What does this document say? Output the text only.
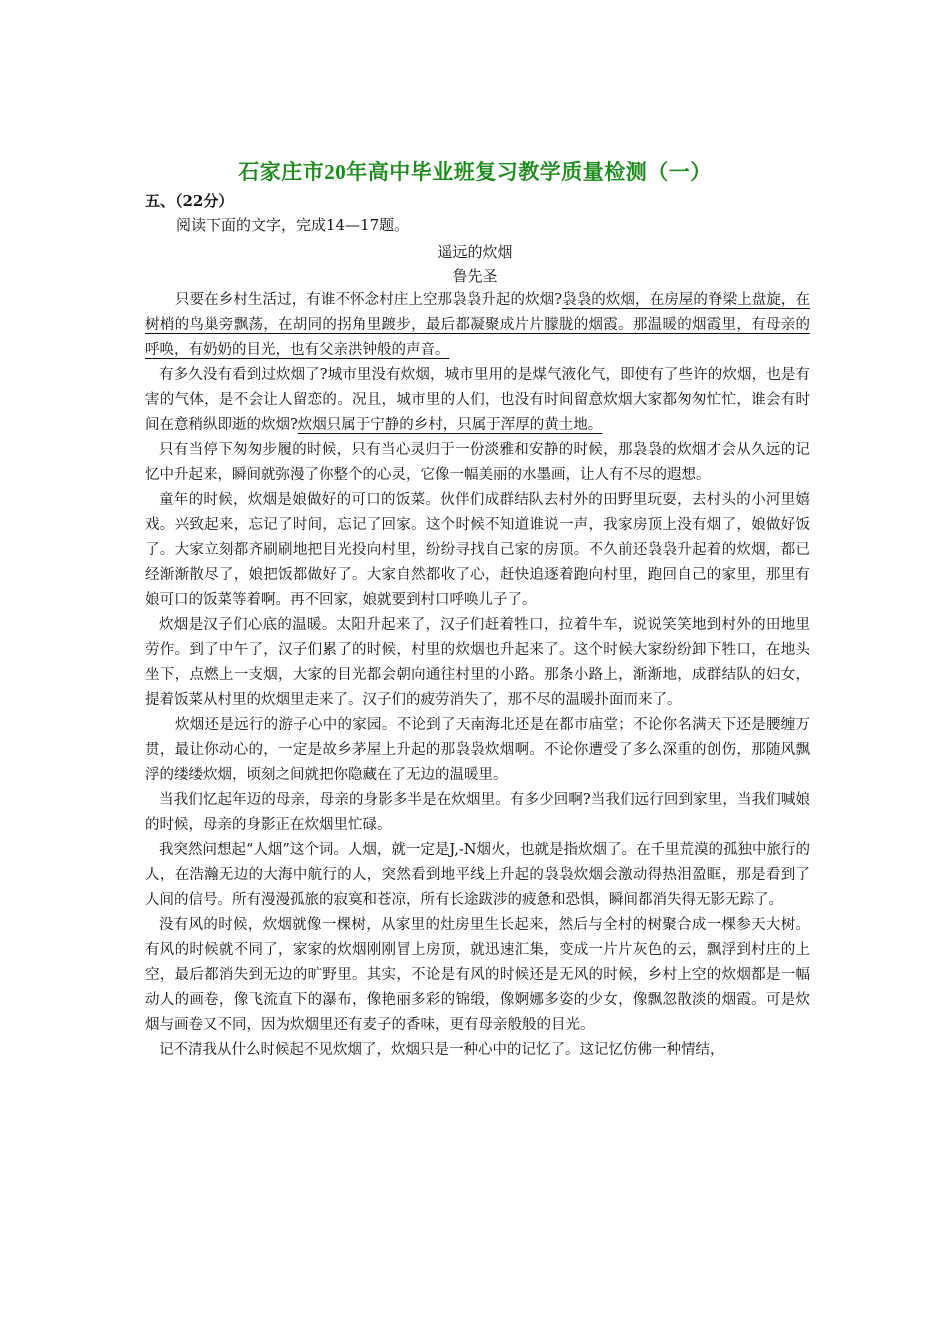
石家庄市20年高中毕业班复习教学质量检测（一）
五、（22分）
阅读下面的文字，完成14—17题。
遥远的炊烟
鲁先圣

只要在乡村生活过，有谁不怀念村庄上空那袅袅升起的炊烟?袅袅的炊烟，在房屋的脊梁上盘旋，在树梢的鸟巢旁飘荡，在胡同的拐角里踱步，最后都凝聚成片片朦胧的烟霞。那温暖的烟霞里，有母亲的呼唤，有奶奶的目光，也有父亲洪钟般的声音。

有多久没有看到过炊烟了?城市里没有炊烟，城市里用的是煤气液化气，即使有了些许的炊烟，也是有害的气体，是不会让人留恋的。况且，城市里的人们，也没有时间留意炊烟大家都匆匆忙忙，谁会有时间在意稍纵即逝的炊烟?炊烟只属于宁静的乡村，只属于浑厚的黄土地。

只有当停下匆匆步履的时候，只有当心灵归于一份淡雅和安静的时候，那袅袅的炊烟才会从久远的记忆中升起来，瞬间就弥漫了你整个的心灵，它像一幅美丽的水墨画，让人有不尽的遐想。

童年的时候，炊烟是娘做好的可口的饭菜。伙伴们成群结队去村外的田野里玩耍，去村头的小河里嬉戏。兴致起来，忘记了时间，忘记了回家。这个时候不知道谁说一声，我家房顶上没有烟了，娘做好饭了。大家立刻都齐刷刷地把目光投向村里，纷纷寻找自己家的房顶。不久前还袅袅升起着的炊烟，都已经渐渐散尽了，娘把饭都做好了。大家自然都收了心，赶快追逐着跑向村里，跑回自己的家里，那里有娘可口的饭菜等着啊。再不回家，娘就要到村口呼唤儿子了。

炊烟是汉子们心底的温暖。太阳升起来了，汉子们赶着牲口，拉着牛车，说说笑笑地到村外的田地里劳作。到了中午了，汉子们累了的时候，村里的炊烟也升起来了。这个时候大家纷纷卸下牲口，在地头坐下，点燃上一支烟，大家的目光都会朝向通往村里的小路。那条小路上，渐渐地，成群结队的妇女，提着饭菜从村里的炊烟里走来了。汉子们的疲劳消失了，那不尽的温暖扑面而来了。

炊烟还是远行的游子心中的家园。不论到了天南海北还是在都市庙堂；不论你名满天下还是腰缠万贯，最让你动心的，一定是故乡茅屋上升起的那袅袅炊烟啊。不论你遭受了多么深重的创伤，那随风飘浮的缕缕炊烟，顷刻之间就把你隐藏在了无边的温暖里。

当我们忆起年迈的母亲，母亲的身影多半是在炊烟里。有多少回啊?当我们远行回到家里，当我们喊娘的时候，母亲的身影正在炊烟里忙碌。

我突然问想起“人烟”这个词。人烟，就一定是J,-N烟火，也就是指炊烟了。在千里荒漠的孤独中旅行的人，在浩瀚无边的大海中航行的人，突然看到地平线上升起的袅袅炊烟会激动得热泪盈眶，那是看到了人间的信号。所有漫漫孤旅的寂寞和苍凉，所有长途跋涉的疲惫和恐惧，瞬间都消失得无影无踪了。

没有风的时候，炊烟就像一棵树，从家里的灶房里生长起来，然后与全村的树聚合成一棵参天大树。有风的时候就不同了，家家的炊烟刚刚冒上房顶，就迅速汇集，变成一片片灰色的云，飘浮到村庄的上空，最后都消失到无边的旷野里。其实，不论是有风的时候还是无风的时候，乡村上空的炊烟都是一幅动人的画卷，像飞流直下的瀑布，像艳丽多彩的锦缎，像婀娜多姿的少女，像飘忽散淡的烟霞。可是炊烟与画卷又不同，因为炊烟里还有麦子的香味，更有母亲般般的目光。

记不清我从什么时候起不见炊烟了，炊烟只是一种心中的记忆了。这记忆仿佛一种情结，
